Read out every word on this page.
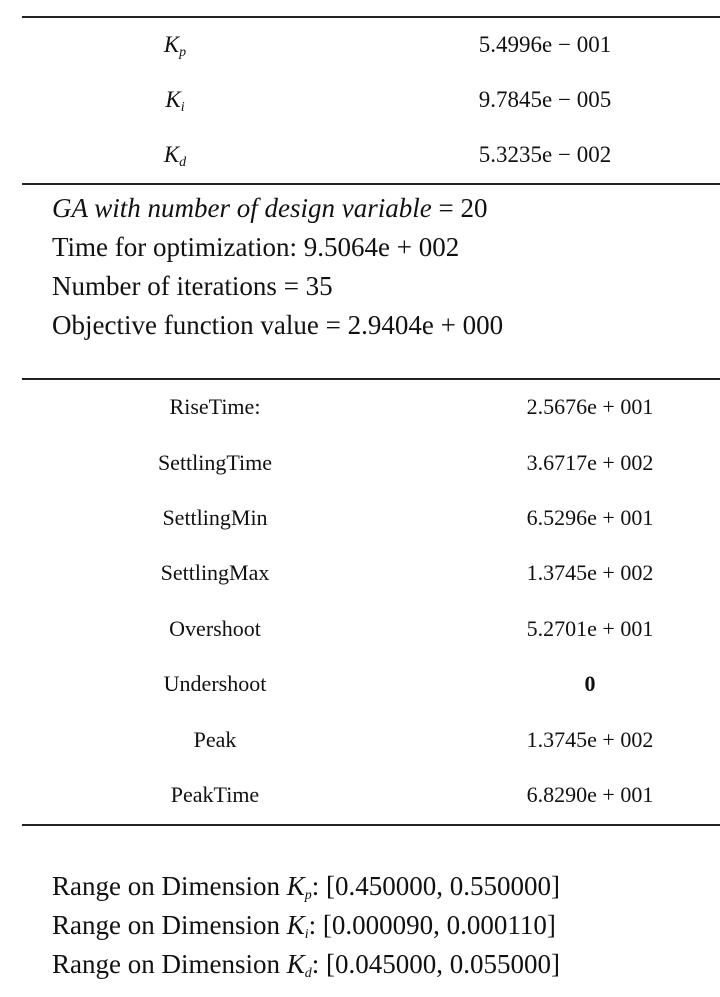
$K_p$	5.4996e − 001
$K_i$	9.7845e − 005
$K_d$	5.3235e − 002
GA with number of design variable = 20
Time for optimization: 9.5064e + 002
Number of iterations = 35
Objective function value = 2.9404e + 000
RiseTime:	2.5676e + 001
SettlingTime	3.6717e + 002
SettlingMin	6.5296e + 001
SettlingMax	1.3745e + 002
Overshoot	5.2701e + 001
Undershoot	0
Peak	1.3745e + 002
PeakTime	6.8290e + 001
Range on Dimension $K_p$: [0.450000, 0.550000]
Range on Dimension $K_i$: [0.000090, 0.000110]
Range on Dimension $K_d$: [0.045000, 0.055000]
